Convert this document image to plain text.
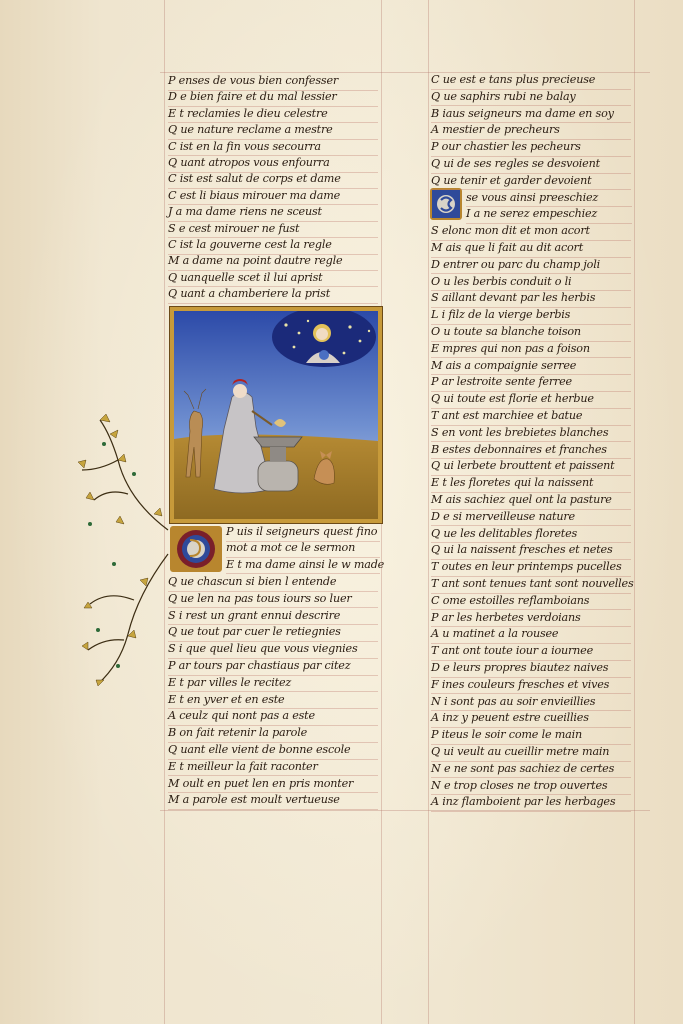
P enses de vous bien confesser
D e bien faire et du mal lessier
E t reclamies le dieu celestre
Q ue nature reclame a mestre
C ist en la fin vous secourra
Q uant atropos vous enfourra
C ist est salut de corps et dame
C est li biaus mirouer ma dame
J a ma dame riens ne sceust
S e cest mirouer ne fust
C ist la gouverne cest la regle
M a dame na point dautre regle
Q uanquelle scet il lui aprist
Q uant a chamberiere la prist
P uis il seigneurs quest fino
mot a mot ce le sermon
E t ma dame ainsi le w made
Q ue chascun si bien l entende
Q ue len na pas tous iours so luer
S i rest un grant ennui descrire
Q ue tout par cuer le retiegnies
S i que quel lieu que vous viegnies
P ar tours par chastiaus par citez
E t par villes le recitez
E t en yver et en este
A ceulz qui nont pas a este
B on fait retenir la parole
Q uant elle vient de bonne escole
E t meilleur la fait raconter
M oult en puet len en pris monter
M a parole est moult vertueuse
C ue est e tans plus precieuse
Q ue saphirs rubi ne balay
B iaus seigneurs ma dame en soy
A mestier de precheurs
P our chastier les pecheurs
Q ui de ses regles se desvoient
Q ue tenir et garder devoient
se vous ainsi preeschiez
I a ne serez empeschiez
S elonc mon dit et mon acort
M ais que li fait au dit acort
D entrer ou parc du champ joli
O u les berbis conduit o li
S aillant devant par les herbis
L i filz de la vierge berbis
O u toute sa blanche toison
E mpres qui non pas a foison
M ais a compaignie serree
P ar lestroite sente ferree
Q ui toute est florie et herbue
T ant est marchiee et batue
S en vont les brebietes blanches
B estes debonnaires et franches
Q ui lerbete brouttent et paissent
E t les floretes qui la naissent
M ais sachiez quel ont la pasture
D e si merveilleuse nature
Q ue les delitables floretes
Q ui la naissent fresches et netes
T outes en leur printemps pucelles
T ant sont tenues tant sont nouvelles
C ome estoilles reflamboians
P ar les herbetes verdoians
A u matinet a la rousee
T ant ont toute iour a iournee
D e leurs propres biautez naives
F ines couleurs fresches et vives
N i sont pas au soir envieillies
A inz y peuent estre cueillies
P iteus le soir come le main
Q ui veult au cueillir metre main
N e ne sont pas sachiez de certes
N e trop closes ne trop ouvertes
A inz flamboient par les herbages
